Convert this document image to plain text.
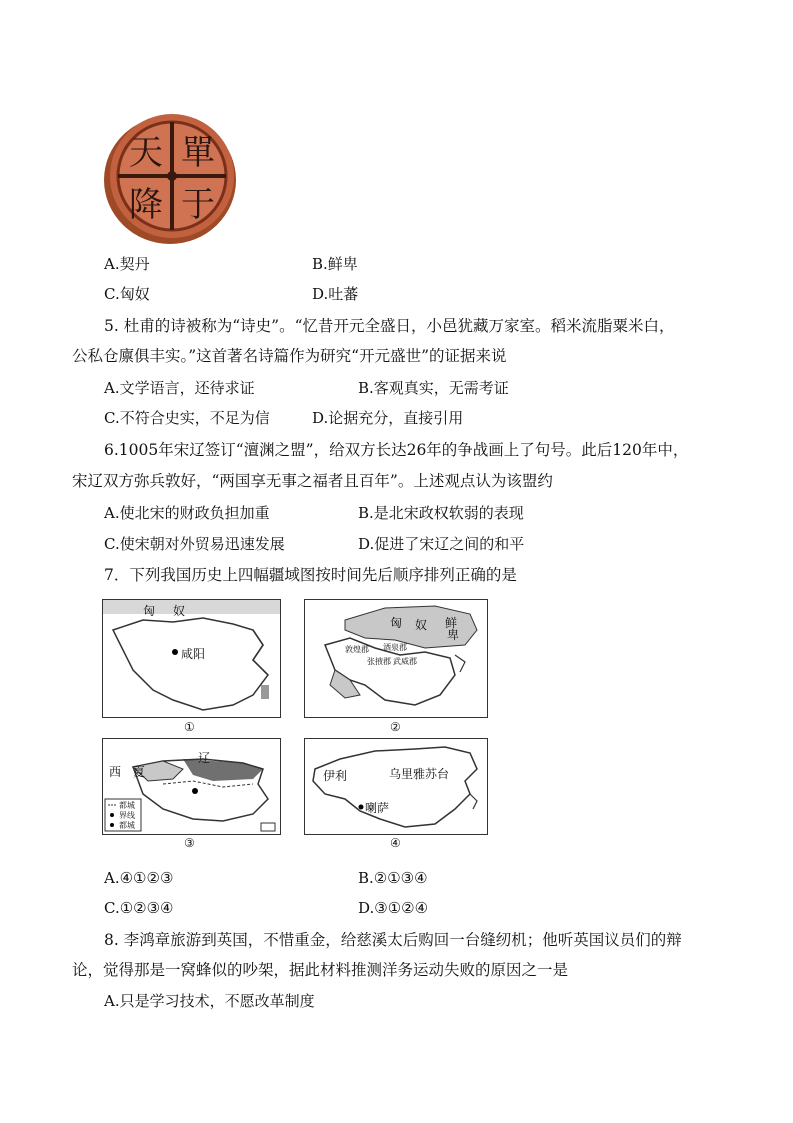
單
于
天
降
A.契丹	B.鲜卑
C.匈奴	D.吐蕃
5. 杜甫的诗被称为“诗史”。“忆昔开元全盛日，小邑犹藏万家室。稻米流脂粟米白，
公私仓廪俱丰实。”这首著名诗篇作为研究“开元盛世”的证据来说
A.文学语言，还待求证	B.客观真实，无需考证
C.不符合史实，不足为信	D.论据充分，直接引用
6.1005年宋辽签订“澶渊之盟”，给双方长达26年的争战画上了句号。此后120年中，
宋辽双方弥兵敦好，“两国享无事之福者且百年”。上述观点认为该盟约
A.使北宋的财政负担加重	B.是北宋政权软弱的表现
C.使宋朝对外贸易迅速发展	D.促进了宋辽之间的和平
7．下列我国历史上四幅疆域图按时间先后顺序排列正确的是
匈 奴
咸阳
①
匈 奴 鲜
卑
敦煌郡 酒泉郡
张掖郡 武威郡
②
西 夏
辽
都城
界线
都城
③
伊利	乌里雅苏台
喇萨
④
A.④①②③	B.②①③④
C.①②③④	D.③①②④
8. 李鸿章旅游到英国，不惜重金，给慈溪太后购回一台缝纫机；他听英国议员们的辩
论，觉得那是一窝蜂似的吵架，据此材料推测洋务运动失败的原因之一是
A.只是学习技术，不愿改革制度
